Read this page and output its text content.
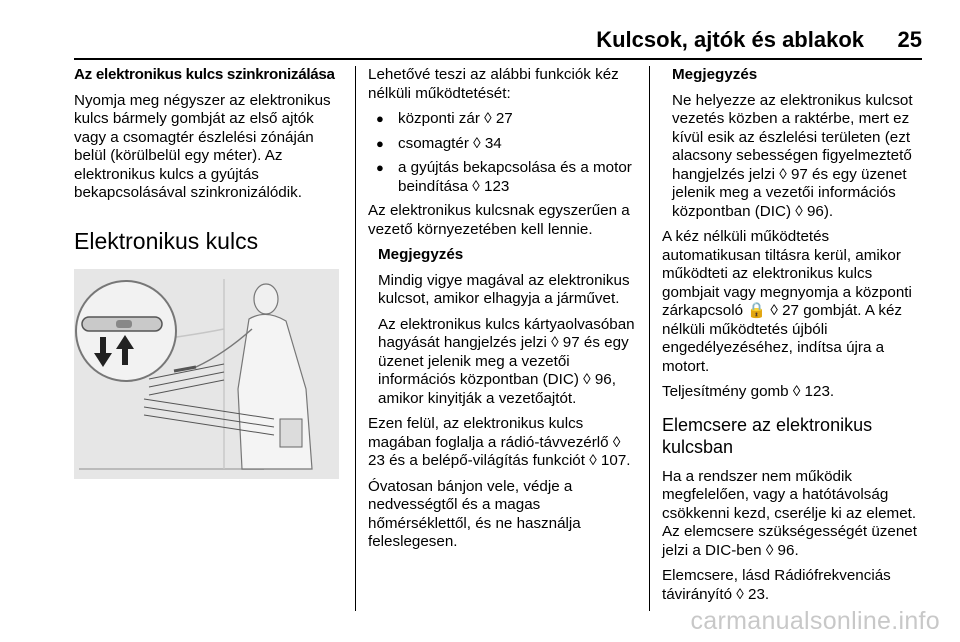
Kulcsok, ajtók és ablakok 25

Az elektronikus kulcs szinkronizálása

Nyomja meg négyszer az elektronikus kulcs bármely gombját az első ajtók vagy a csomagtér észlelési zónáján belül (körülbelül egy méter). Az elektronikus kulcs a gyújtás bekapcsolásával szinkronizálódik.

Elektronikus kulcs

Lehetővé teszi az alábbi funkciók kéz nélküli működtetését:

● központi zár ◊ 27
● csomagtér ◊ 34
● a gyújtás bekapcsolása és a motor beindítása ◊ 123

Az elektronikus kulcsnak egyszerűen a vezető környezetében kell lennie.

Megjegyzés

Mindig vigye magával az elektronikus kulcsot, amikor elhagyja a járművet.

Az elektronikus kulcs kártyaolvasóban hagyását hangjelzés jelzi ◊ 97 és egy üzenet jelenik meg a vezetői információs központban (DIC) ◊ 96, amikor kinyitják a vezetőajtót.

Ezen felül, az elektronikus kulcs magában foglalja a rádió-távvezérlő ◊ 23 és a belépő-világítás funkciót ◊ 107.

Óvatosan bánjon vele, védje a nedvességtől és a magas hőmérséklettől, és ne használja feleslegesen.

Megjegyzés

Ne helyezze az elektronikus kulcsot vezetés közben a raktérbe, mert ez kívül esik az észlelési területen (ezt alacsony sebességen figyelmeztető hangjelzés jelzi ◊ 97 és egy üzenet jelenik meg a vezetői információs központban (DIC) ◊ 96).

A kéz nélküli működtetés automatikusan tiltásra kerül, amikor működteti az elektronikus kulcs gombjait vagy megnyomja a központi zárkapcsoló 🔒 ◊ 27 gombját. A kéz nélküli működtetés újbóli engedélyezéséhez, indítsa újra a motort.

Teljesítmény gomb ◊ 123.

Elemcsere az elektronikus kulcsban

Ha a rendszer nem működik megfelelően, vagy a hatótávolság csökkenni kezd, cserélje ki az elemet. Az elemcsere szükségességét üzenet jelzi a DIC-ben ◊ 96.

Elemcsere, lásd Rádiófrekvenciás távirányító ◊ 23.

carmanualsonline.info
